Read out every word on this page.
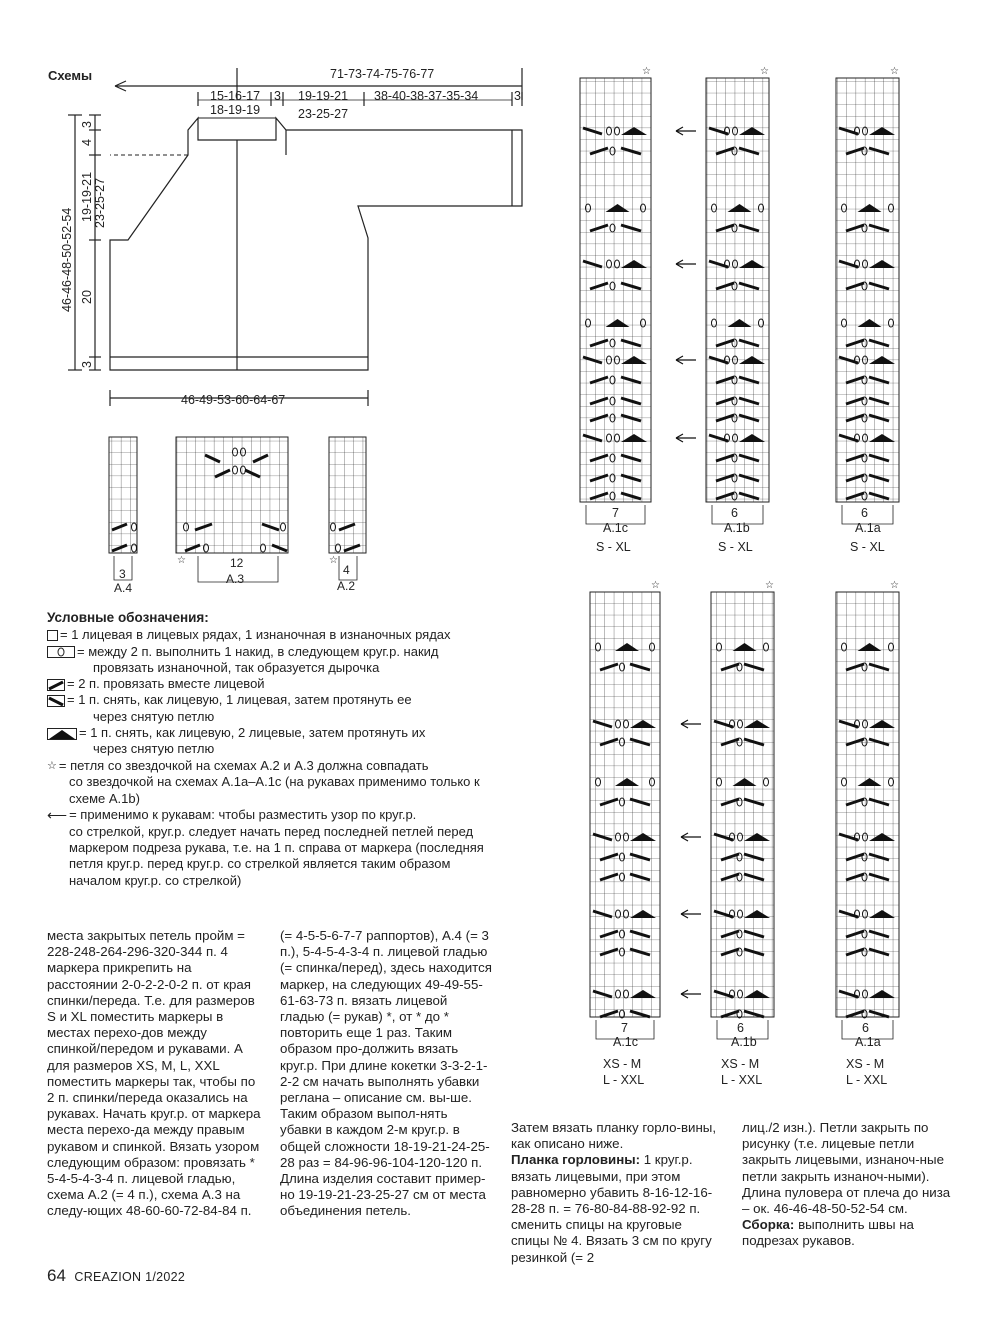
Схемы	71-73-74-75-76-77
15-16-17
18-19-19
3 19-19-21
23-25-27
38-40-38-37-35-34	3
46-49-53-60-64-67
3
4
19-19-21 23-25-27
46-46-48-50-52-54 20
3
3
A.4
☆	12
A.3
☆
4
A.2
☆	☆	☆
☆	☆	☆
7
A.1c
S - XL
6
A.1b
S - XL
6
A.1a
S - XL
7
A.1c
XS - M
L - XXL
6
A.1b
XS - M
L - XXL
6
A.1a
XS - M
L - XXL
Условные обозначения:
= 1 лицевая в лицевых рядах, 1 изнаночная в изнаночных рядах
= между 2 п. выполнить 1 накид, в следующем круг.р. накид
провязать изнаночной, так образуется дырочка
= 2 п. провязать вместе лицевой
= 1 п. снять, как лицевую, 1 лицевая, затем протянуть ее
через снятую петлю
= 1 п. снять, как лицевую, 2 лицевые, затем протянуть их
через снятую петлю
☆ = петля со звездочкой на схемах А.2 и А.3 должна совпадать
со звездочкой на схемах А.1а–А.1с (на рукавах применимо только к схеме А.1b)
⟵ = применимо к рукавам: чтобы разместить узор по круг.р.
со стрелкой, круг.р. следует начать перед последней петлей перед маркером подреза рукава, т.е. на 1 п. справа от маркера (последняя петля круг.р. перед круг.р. со стрелкой является таким образом началом круг.р. со стрелкой)

места закрытых петель пройм = 228-248-264-296-320-344 п. 4 маркера прикрепить на расстоянии 2-0-2-2-0-2 п. от края спинки/переда. Т.е. для размеров S и XL поместить маркеры в местах перехо-дов между спинкой/передом и рукавами. А для размеров XS, M, L, XXL поместить маркеры так, чтобы по 2 п. спинки/переда оказались на рукавах. Начать круг.р. от маркера места перехо-да между правым рукавом и спинкой. Вязать узором следующим образом: провязать * 5-4-5-4-3-4 п. лицевой гладью, схема А.2 (= 4 п.), схема А.3 на следу-ющих 48-60-60-72-84-84 п.

(= 4-5-5-6-7-7 раппортов), А.4 (= 3 п.), 5-4-5-4-3-4 п. лицевой гладью (= спинка/перед), здесь находится маркер, на следующих 49-49-55-61-63-73 п. вязать лицевой гладью (= рукав) *, от * до * повторить еще 1 раз. Таким образом про-должить вязать круг.р. При длине кокетки 3-3-2-1-2-2 см начать выполнять убавки реглана – описание см. вы-ше. Таким образом выпол-нять убавки в каждом 2-м круг.р. в общей сложности 18-19-21-24-25-28 раз = 84-96-96-104-120-120 п. Длина изделия составит пример-но 19-19-21-23-25-27 см от места объединения петель.

Затем вязать планку горло-вины, как описано ниже.

Планка горловины: 1 круг.р. вязать лицевыми, при этом равномерно убавить 8-16-12-16-28-28 п. = 76-80-84-88-92-92 п. сменить спицы на круговые спицы № 4. Вязать 3 см по кругу резинкой (= 2

лиц./2 изн.). Петли закрыть по рисунку (т.е. лицевые петли закрыть лицевыми, изнаноч-ные петли закрыть изнаноч-ными). Длина пуловера от плеча до низа – ок. 46-46-48-50-52-54 см.

Сборка: выполнить швы на подрезах рукавов.

64 CREAZION 1/2022
